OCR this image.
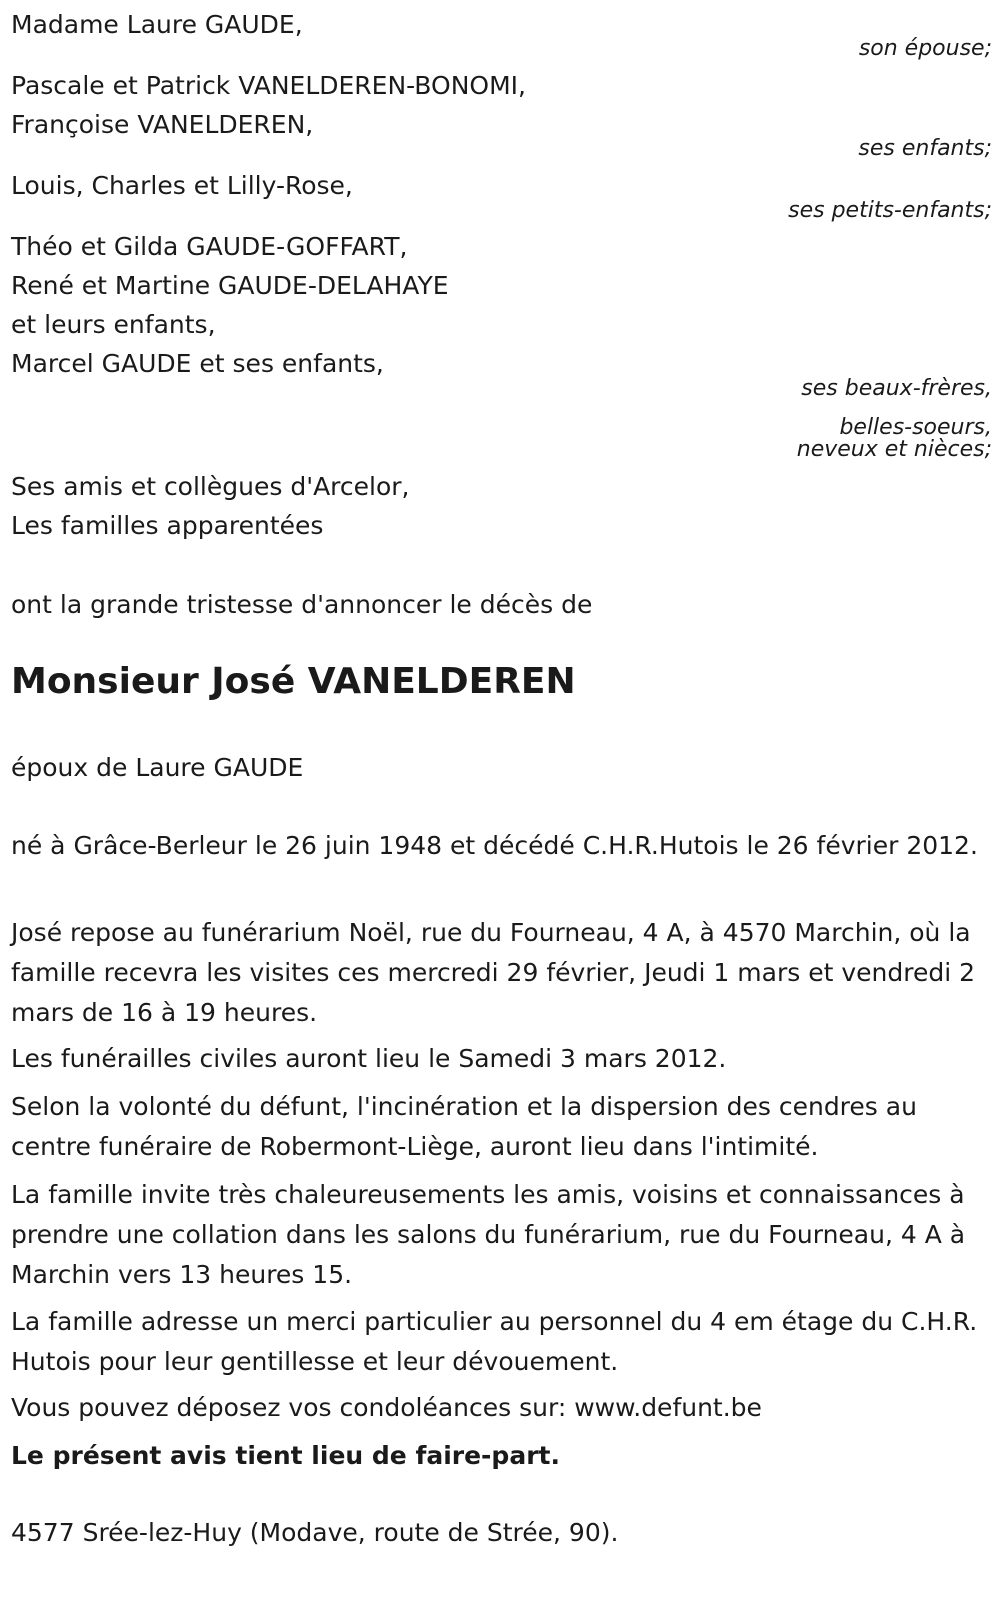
Madame Laure GAUDE,
son épouse;
Pascale et Patrick VANELDEREN-BONOMI,
Françoise VANELDEREN,
ses enfants;
Louis, Charles et Lilly-Rose,
ses petits-enfants;
Théo et Gilda GAUDE-GOFFART,
René et Martine GAUDE-DELAHAYE
et leurs enfants,
Marcel GAUDE et ses enfants,
ses beaux-frères,
belles-soeurs,
neveux et nièces;
Ses amis et collègues d'Arcelor,
Les familles apparentées
ont la grande tristesse d'annoncer le décès de
Monsieur José VANELDEREN
époux de Laure GAUDE
né à Grâce-Berleur le 26 juin 1948 et décédé C.H.R.Hutois le 26 février 2012.
José repose au funérarium Noël, rue du Fourneau, 4 A, à 4570 Marchin, où la famille recevra les visites ces mercredi 29 février, Jeudi 1 mars et vendredi 2 mars de 16 à 19 heures.
Les funérailles civiles auront lieu le Samedi 3 mars 2012.
Selon la volonté du défunt, l'incinération et la dispersion des cendres au centre funéraire de Robermont-Liège, auront lieu dans l'intimité.
La famille invite très chaleureusements les amis, voisins et connaissances à prendre une collation dans les salons du funérarium, rue du Fourneau, 4 A à Marchin vers 13 heures 15.
La famille adresse un merci particulier au personnel du 4 em étage du C.H.R. Hutois pour leur gentillesse et leur dévouement.
Vous pouvez déposez vos condoléances sur: www.defunt.be
Le présent avis tient lieu de faire-part.
4577 Srée-lez-Huy (Modave, route de Strée, 90).
